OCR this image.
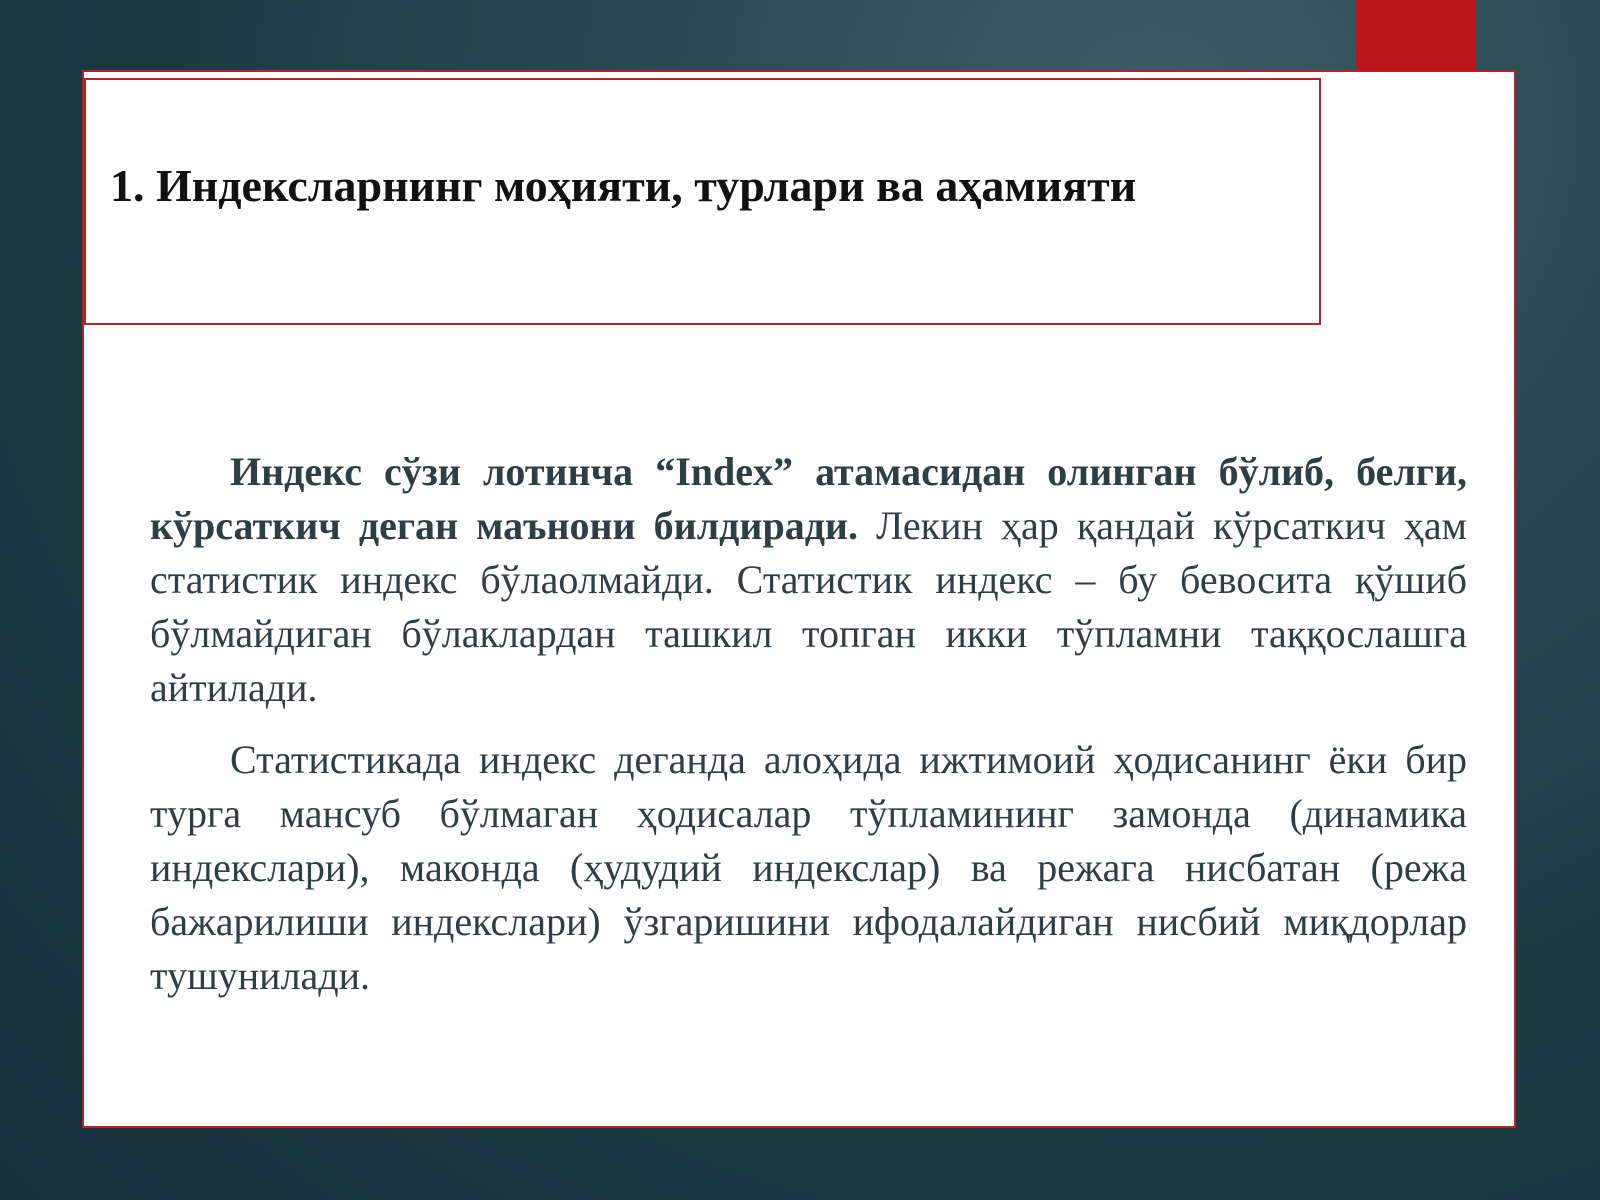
1. Индексларнинг моҳияти, турлари ва аҳамияти

Индекс сўзи лотинча “Index” атамасидан олинган бўлиб, белги, кўрсаткич деган маънони билдиради. Лекин ҳар қандай кўрсаткич ҳам статистик индекс бўлаолмайди. Статистик индекс – бу бевосита қўшиб бўлмайдиган бўлаклардан ташкил топган икки тўпламни таққослашга айтилади.

Статистикада индекс деганда алоҳида ижтимоий ҳодисанинг ёки бир турга мансуб бўлмаган ҳодисалар тўпламининг замонда (динамика индекслари), маконда (ҳудудий индекслар) ва режага нисбатан (режа бажарилиши индекслари) ўзгаришини ифодалайдиган нисбий миқдорлар тушунилади.
